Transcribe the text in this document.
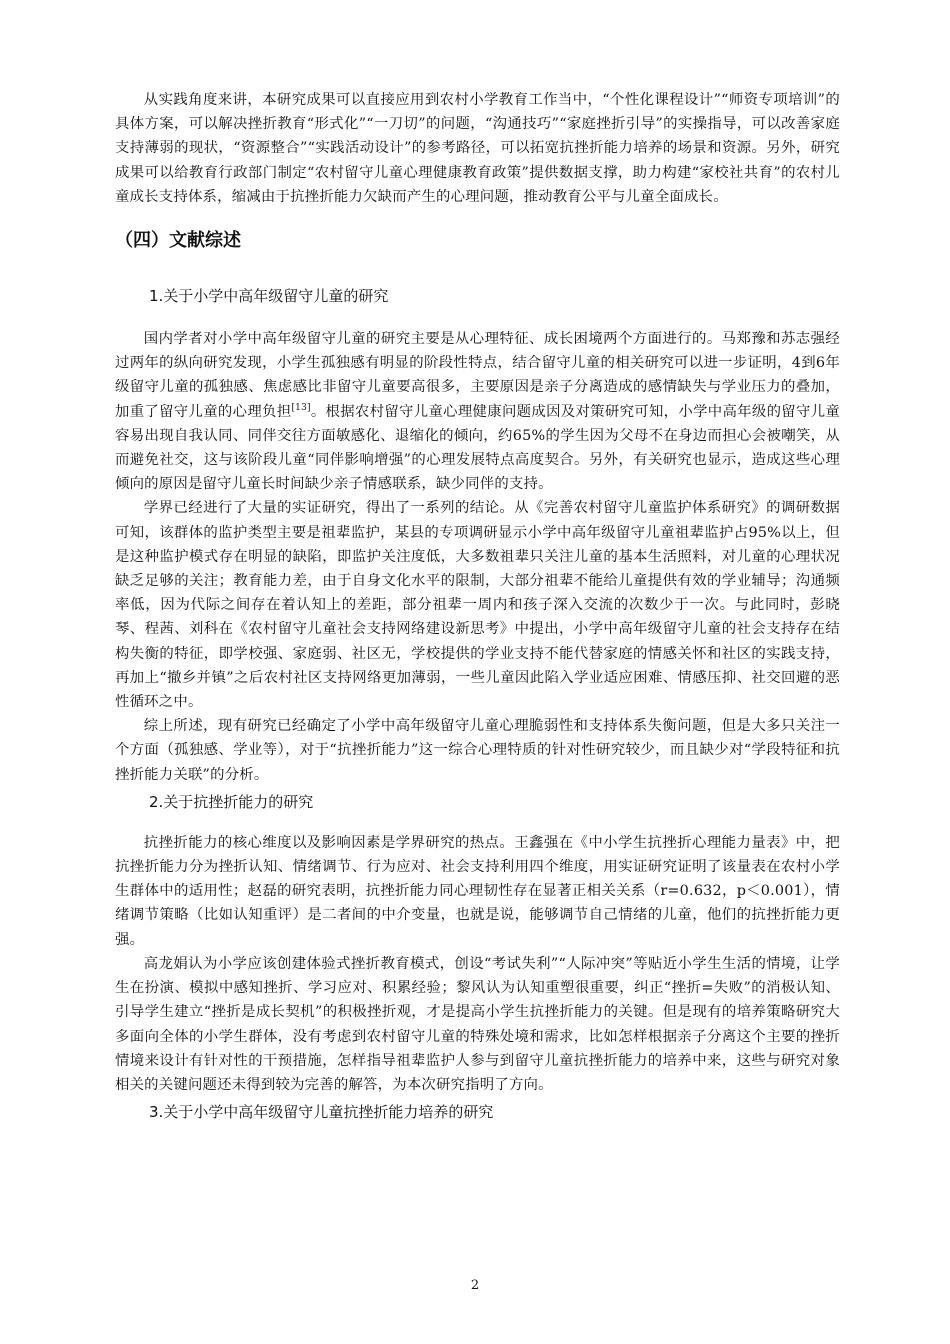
从实践角度来讲，本研究成果可以直接应用到农村小学教育工作当中，“个性化课程设计”“师资专项培训”的具体方案，可以解决挫折教育“形式化”“一刀切”的问题，“沟通技巧”“家庭挫折引导”的实操指导，可以改善家庭支持薄弱的现状，“资源整合”“实践活动设计”的参考路径，可以拓宽抗挫折能力培养的场景和资源。另外，研究成果可以给教育行政部门制定“农村留守儿童心理健康教育政策”提供数据支撑，助力构建“家校社共育”的农村儿童成长支持体系，缩减由于抗挫折能力欠缺而产生的心理问题，推动教育公平与儿童全面成长。

（四）文献综述
1.关于小学中高年级留守儿童的研究

国内学者对小学中高年级留守儿童的研究主要是从心理特征、成长困境两个方面进行的。马郑豫和苏志强经过两年的纵向研究发现，小学生孤独感有明显的阶段性特点，结合留守儿童的相关研究可以进一步证明，4到6年级留守儿童的孤独感、焦虑感比非留守儿童要高很多，主要原因是亲子分离造成的感情缺失与学业压力的叠加，加重了留守儿童的心理负担[13]。根据农村留守儿童心理健康问题成因及对策研究可知，小学中高年级的留守儿童容易出现自我认同、同伴交往方面敏感化、退缩化的倾向，约65%的学生因为父母不在身边而担心会被嘲笑，从而避免社交，这与该阶段儿童“同伴影响增强”的心理发展特点高度契合。另外，有关研究也显示，造成这些心理倾向的原因是留守儿童长时间缺少亲子情感联系，缺少同伴的支持。

学界已经进行了大量的实证研究，得出了一系列的结论。从《完善农村留守儿童监护体系研究》的调研数据可知，该群体的监护类型主要是祖辈监护，某县的专项调研显示小学中高年级留守儿童祖辈监护占95%以上，但是这种监护模式存在明显的缺陷，即监护关注度低，大多数祖辈只关注儿童的基本生活照料，对儿童的心理状况缺乏足够的关注；教育能力差，由于自身文化水平的限制，大部分祖辈不能给儿童提供有效的学业辅导；沟通频率低，因为代际之间存在着认知上的差距，部分祖辈一周内和孩子深入交流的次数少于一次。与此同时，彭晓琴、程茜、刘科在《农村留守儿童社会支持网络建设新思考》中提出，小学中高年级留守儿童的社会支持存在结构失衡的特征，即学校强、家庭弱、社区无，学校提供的学业支持不能代替家庭的情感关怀和社区的实践支持，再加上“撤乡并镇”之后农村社区支持网络更加薄弱，一些儿童因此陷入学业适应困难、情感压抑、社交回避的恶性循环之中。

综上所述，现有研究已经确定了小学中高年级留守儿童心理脆弱性和支持体系失衡问题，但是大多只关注一个方面（孤独感、学业等），对于“抗挫折能力”这一综合心理特质的针对性研究较少，而且缺少对“学段特征和抗挫折能力关联”的分析。

2.关于抗挫折能力的研究

抗挫折能力的核心维度以及影响因素是学界研究的热点。王鑫强在《中小学生抗挫折心理能力量表》中，把抗挫折能力分为挫折认知、情绪调节、行为应对、社会支持利用四个维度，用实证研究证明了该量表在农村小学生群体中的适用性；赵磊的研究表明，抗挫折能力同心理韧性存在显著正相关关系（r=0.632，p＜0.001），情绪调节策略（比如认知重评）是二者间的中介变量，也就是说，能够调节自己情绪的儿童，他们的抗挫折能力更强。

高龙娟认为小学应该创建体验式挫折教育模式，创设“考试失利”“人际冲突”等贴近小学生生活的情境，让学生在扮演、模拟中感知挫折、学习应对、积累经验；黎风认为认知重塑很重要，纠正“挫折=失败”的消极认知、引导学生建立“挫折是成长契机”的积极挫折观，才是提高小学生抗挫折能力的关键。但是现有的培养策略研究大多面向全体的小学生群体，没有考虑到农村留守儿童的特殊处境和需求，比如怎样根据亲子分离这个主要的挫折情境来设计有针对性的干预措施，怎样指导祖辈监护人参与到留守儿童抗挫折能力的培养中来，这些与研究对象相关的关键问题还未得到较为完善的解答，为本次研究指明了方向。

3.关于小学中高年级留守儿童抗挫折能力培养的研究
2
